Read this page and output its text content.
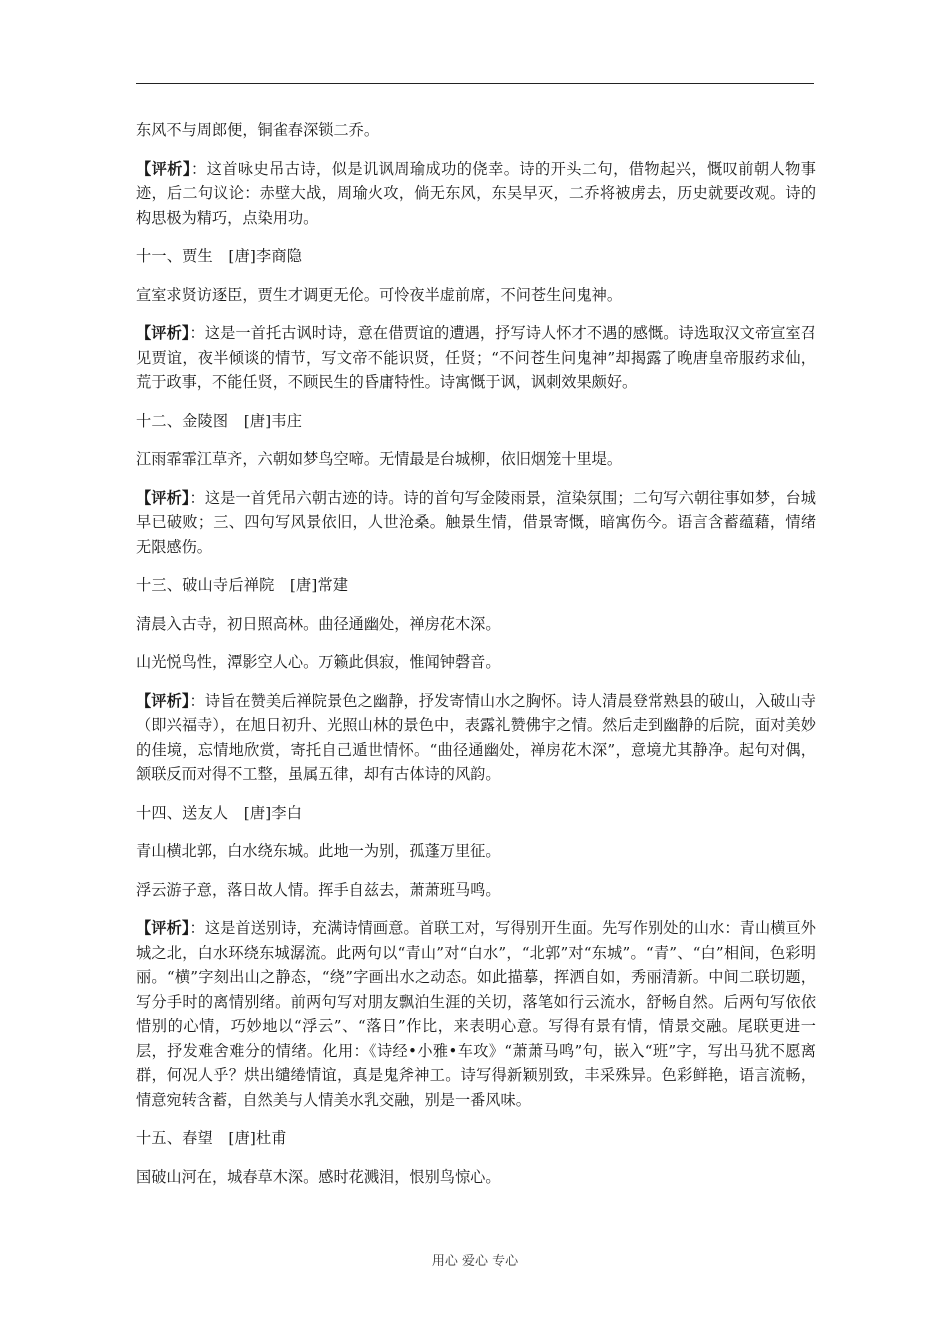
东风不与周郎便，铜雀春深锁二乔。

【评析】：这首咏史吊古诗，似是讥讽周瑜成功的侥幸。诗的开头二句，借物起兴，慨叹前朝人物事迹，后二句议论：赤壁大战，周瑜火攻，倘无东风，东吴早灭，二乔将被虏去，历史就要改观。诗的构思极为精巧，点染用功。

十一、贾生　[唐]李商隐

宣室求贤访逐臣，贾生才调更无伦。可怜夜半虚前席，不问苍生问鬼神。

【评析】：这是一首托古讽时诗，意在借贾谊的遭遇，抒写诗人怀才不遇的感慨。诗选取汉文帝宣室召见贾谊，夜半倾谈的情节，写文帝不能识贤，任贤；“不问苍生问鬼神”却揭露了晚唐皇帝服药求仙，荒于政事，不能任贤，不顾民生的昏庸特性。诗寓慨于讽，讽刺效果颇好。

十二、金陵图　[唐]韦庄

江雨霏霏江草齐，六朝如梦鸟空啼。无情最是台城柳，依旧烟笼十里堤。

【评析】：这是一首凭吊六朝古迹的诗。诗的首句写金陵雨景，渲染氛围；二句写六朝往事如梦，台城早已破败；三、四句写风景依旧，人世沧桑。触景生情，借景寄慨，暗寓伤今。语言含蓄蕴藉，情绪无限感伤。

十三、破山寺后禅院　[唐]常建

清晨入古寺，初日照高林。曲径通幽处，禅房花木深。

山光悦鸟性，潭影空人心。万籁此俱寂，惟闻钟磬音。

【评析】：诗旨在赞美后禅院景色之幽静，抒发寄情山水之胸怀。诗人清晨登常熟县的破山，入破山寺（即兴福寺），在旭日初升、光照山林的景色中，表露礼赞佛宇之情。然后走到幽静的后院，面对美妙的佳境，忘情地欣赏，寄托自己遁世情怀。“曲径通幽处，禅房花木深”，意境尤其静净。起句对偶，颔联反而对得不工整，虽属五律，却有古体诗的风韵。

十四、送友人　[唐]李白

青山横北郭，白水绕东城。此地一为别，孤蓬万里征。

浮云游子意，落日故人情。挥手自兹去，萧萧班马鸣。

【评析】：这是首送别诗，充满诗情画意。首联工对，写得别开生面。先写作别处的山水：青山横亘外城之北，白水环绕东城潺流。此两句以“青山”对“白水”，“北郭”对“东城”。“青”、“白”相间，色彩明丽。“横”字刻出山之静态，“绕”字画出水之动态。如此描摹，挥洒自如，秀丽清新。中间二联切题，写分手时的离情别绪。前两句写对朋友飘泊生涯的关切，落笔如行云流水，舒畅自然。后两句写依依惜别的心情，巧妙地以“浮云”、“落日”作比，来表明心意。写得有景有情，情景交融。尾联更进一层，抒发难舍难分的情绪。化用：《诗经•小雅•车攻》“萧萧马鸣”句，嵌入“班”字，写出马犹不愿离群，何况人乎？烘出缱绻情谊，真是鬼斧神工。诗写得新颖别致，丰采殊异。色彩鲜艳，语言流畅，情意宛转含蓄，自然美与人情美水乳交融，别是一番风味。

十五、春望　[唐]杜甫

国破山河在，城春草木深。感时花溅泪，恨别鸟惊心。

用心 爱心 专心
